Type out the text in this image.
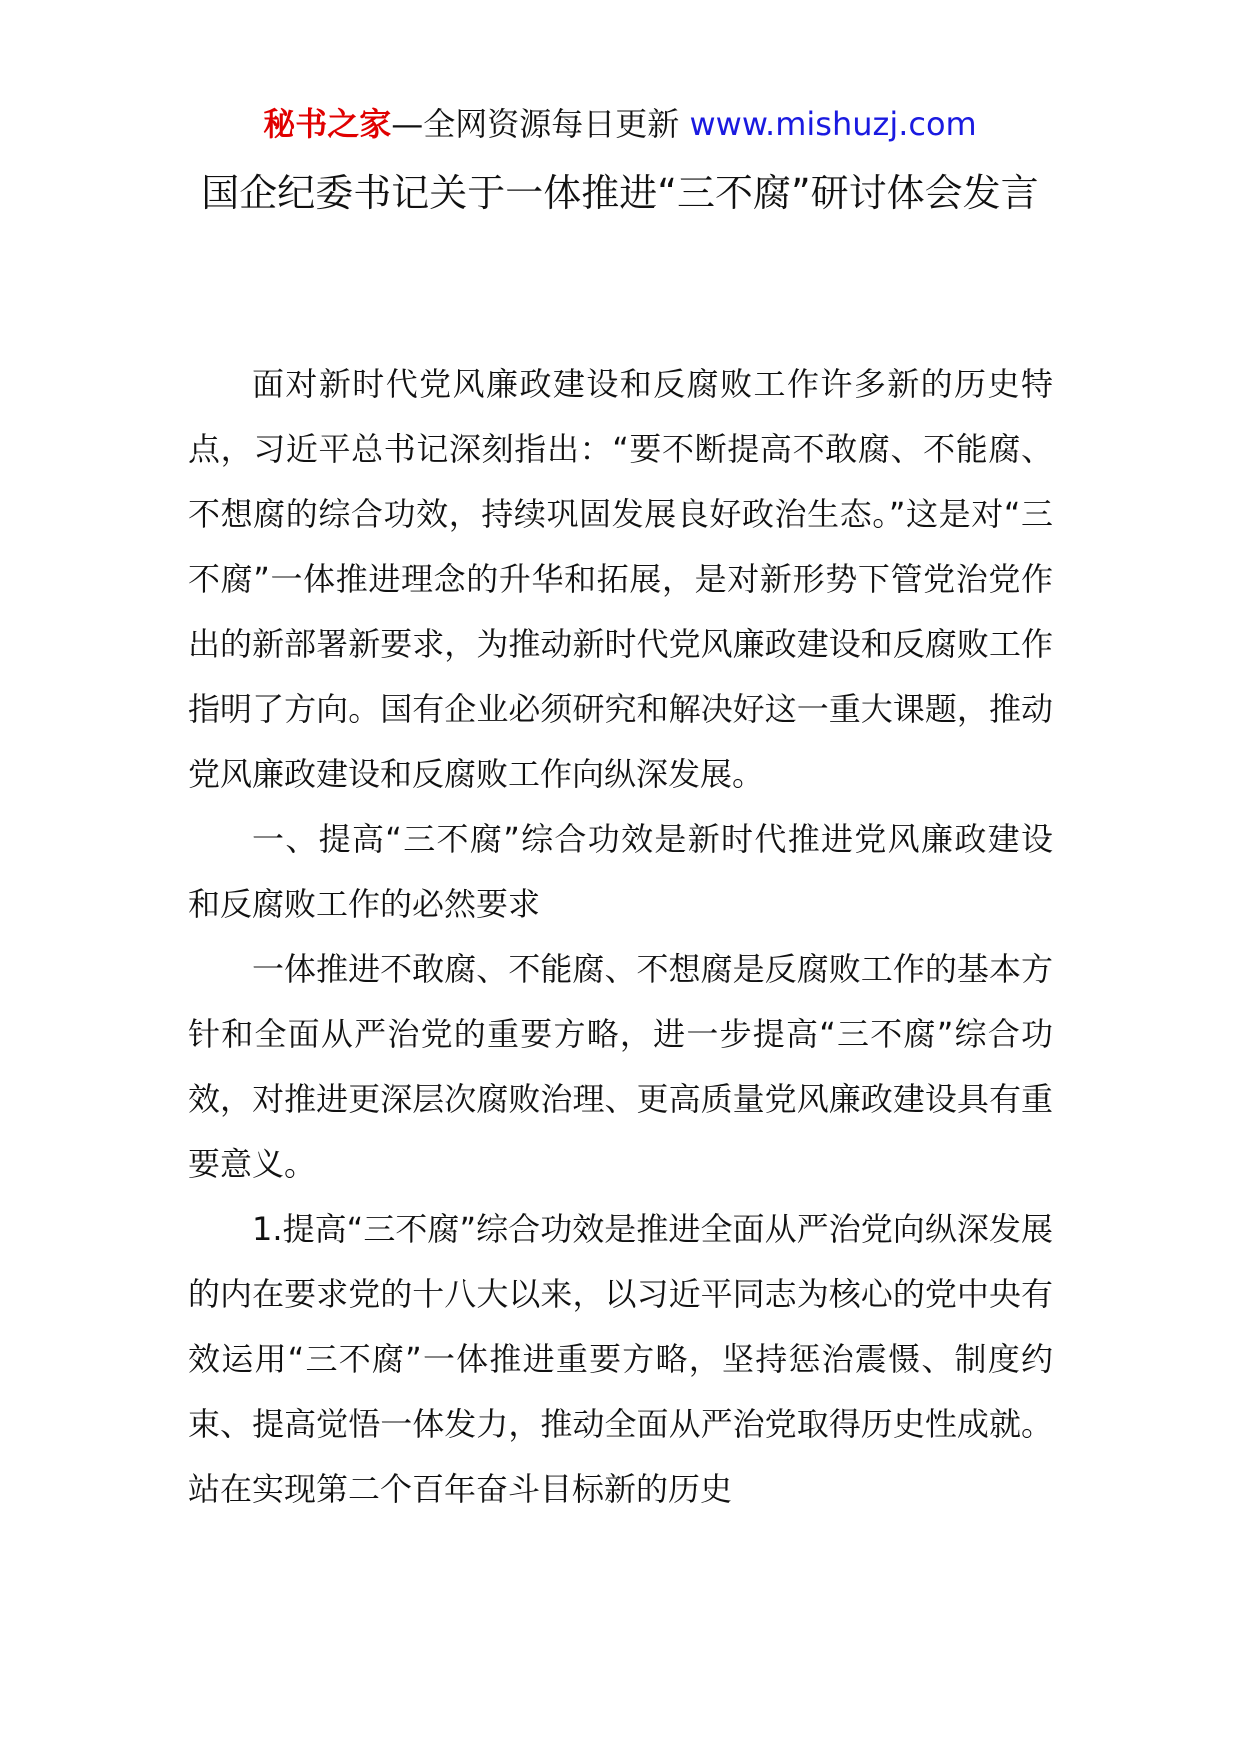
秘书之家—全网资源每日更新 www.mishuzj.com
国企纪委书记关于一体推进“三不腐”研讨体会发言

面对新时代党风廉政建设和反腐败工作许多新的历史特点，习近平总书记深刻指出：“要不断提高不敢腐、不能腐、不想腐的综合功效，持续巩固发展良好政治生态。”这是对“三不腐”一体推进理念的升华和拓展，是对新形势下管党治党作出的新部署新要求，为推动新时代党风廉政建设和反腐败工作指明了方向。国有企业必须研究和解决好这一重大课题，推动党风廉政建设和反腐败工作向纵深发展。

一、提高“三不腐”综合功效是新时代推进党风廉政建设和反腐败工作的必然要求

一体推进不敢腐、不能腐、不想腐是反腐败工作的基本方针和全面从严治党的重要方略，进一步提高“三不腐”综合功效，对推进更深层次腐败治理、更高质量党风廉政建设具有重要意义。

1.提高“三不腐”综合功效是推进全面从严治党向纵深发展的内在要求党的十八大以来，以习近平同志为核心的党中央有效运用“三不腐”一体推进重要方略，坚持惩治震慑、制度约束、提高觉悟一体发力，推动全面从严治党取得历史性成就。站在实现第二个百年奋斗目标新的历史
